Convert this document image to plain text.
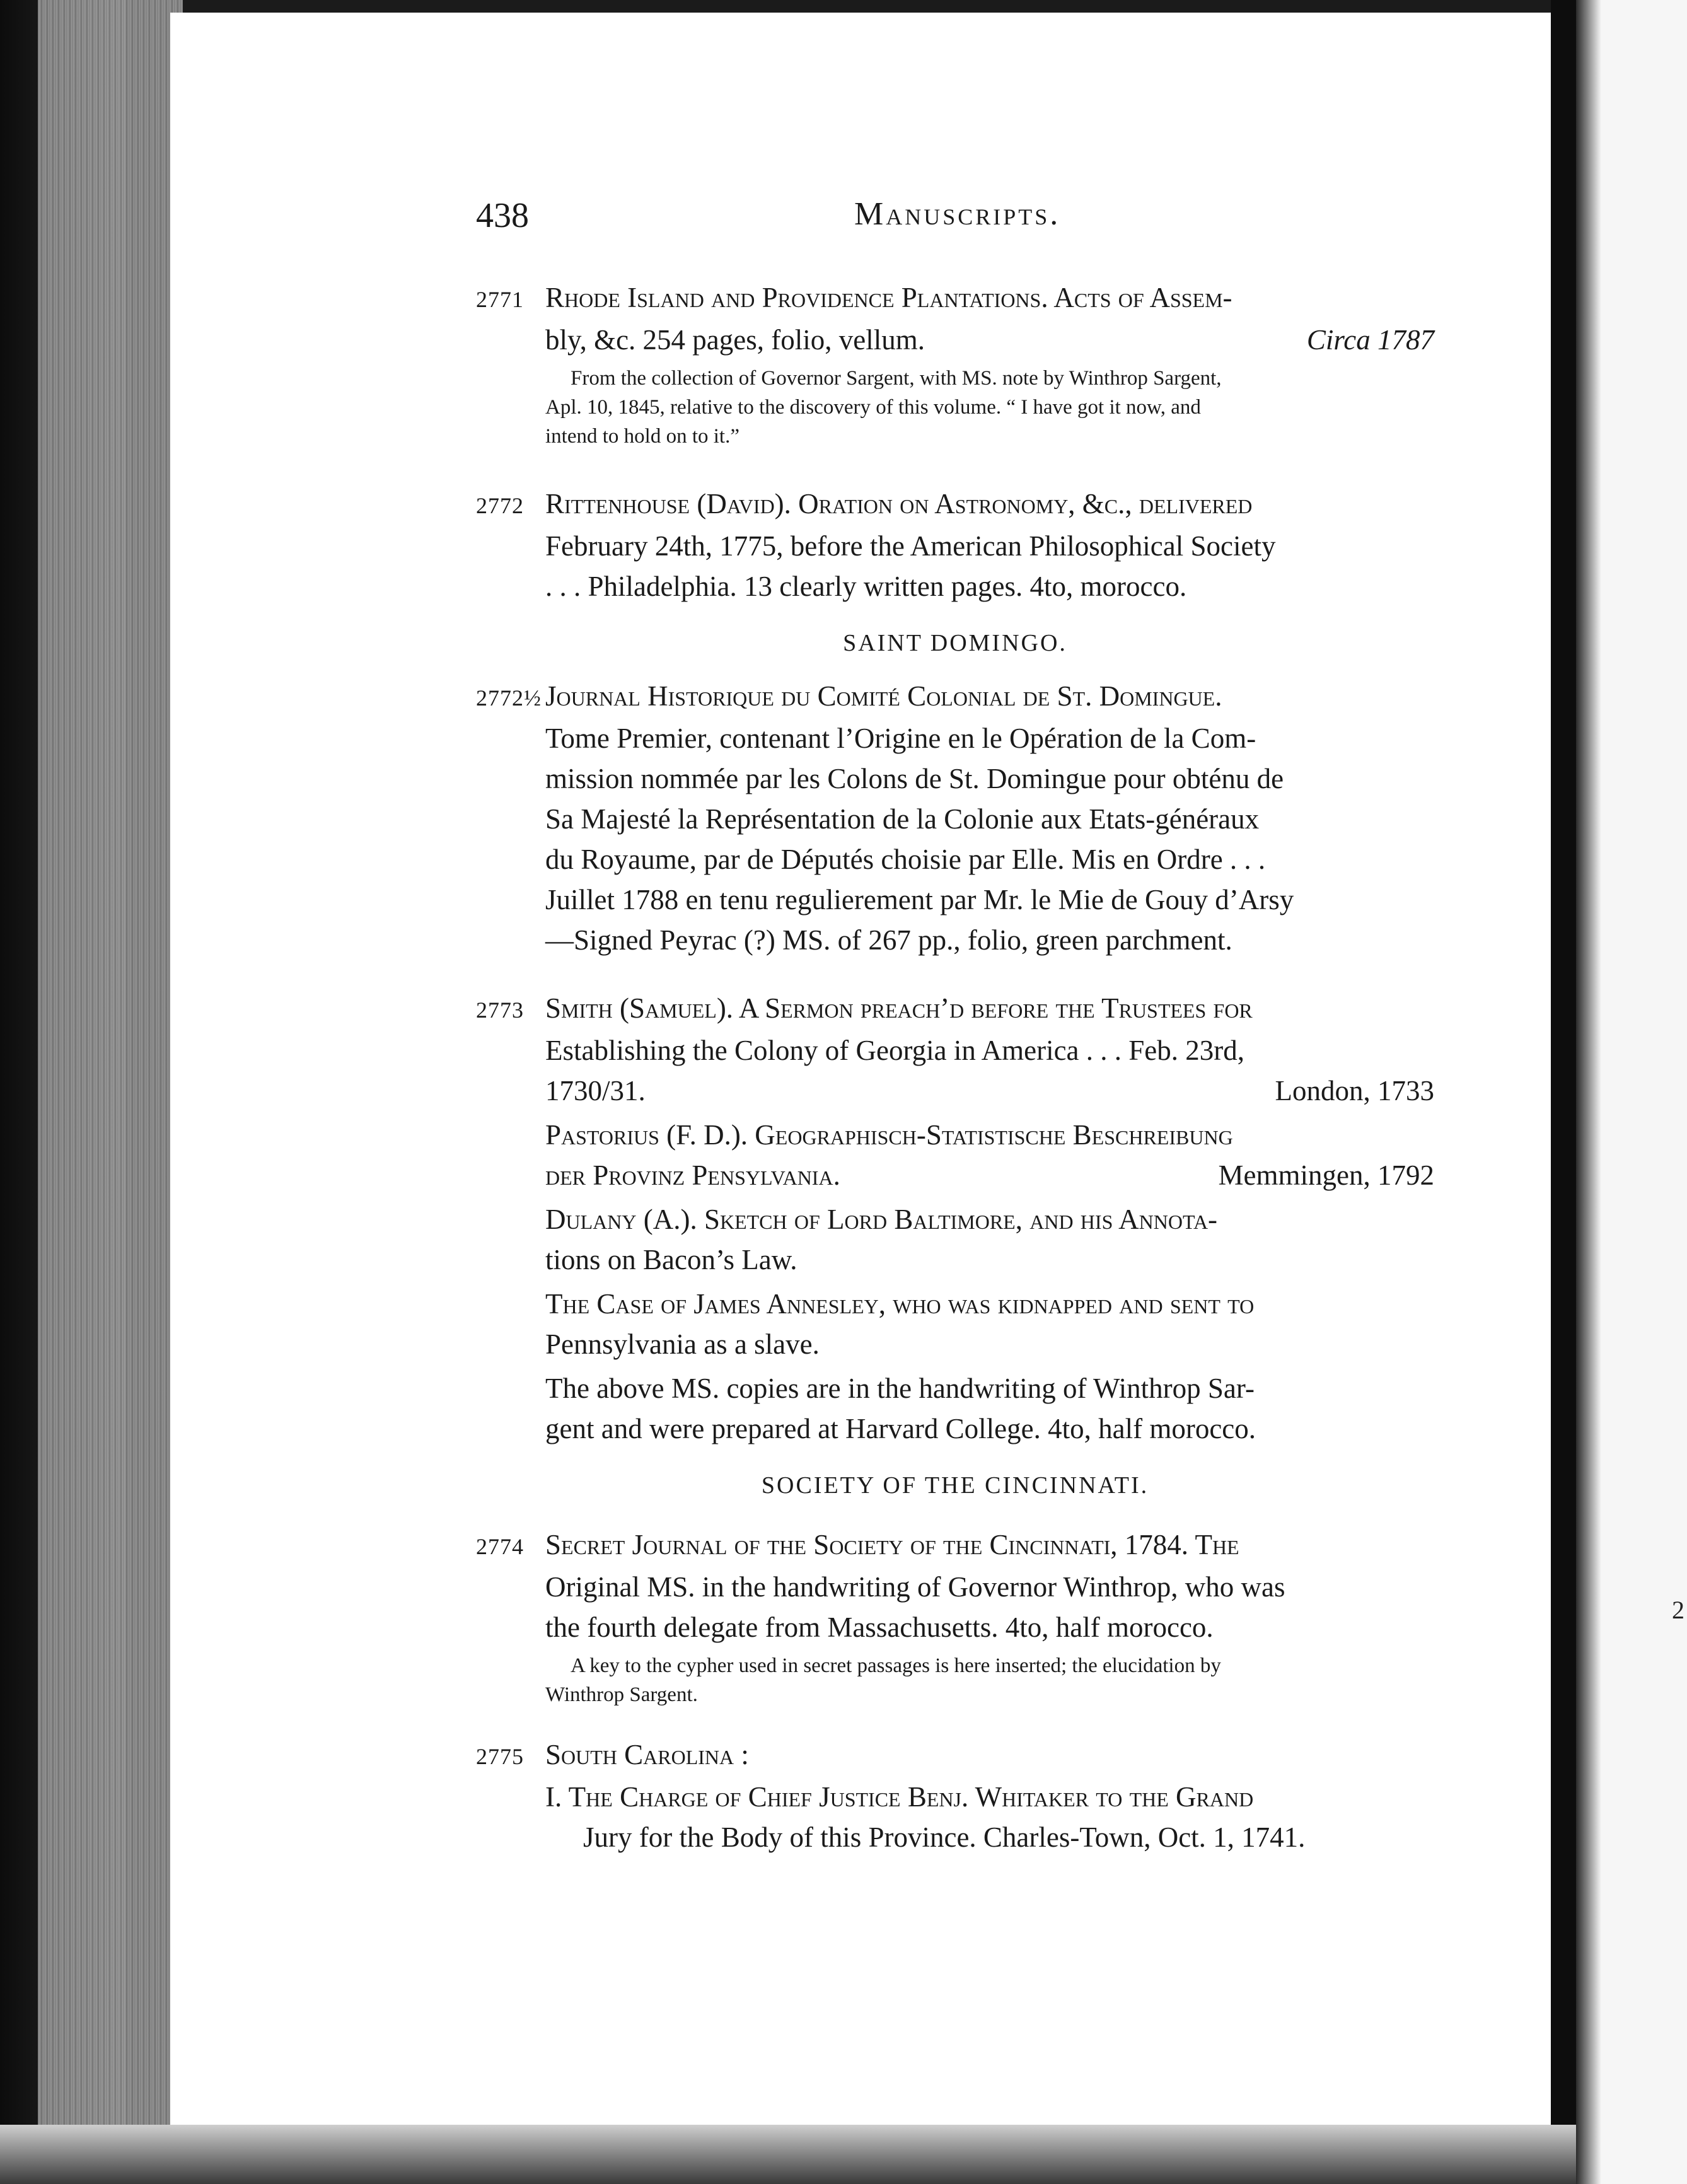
2
438	Manuscripts.

2771 Rhode Island and Providence Plantations. Acts of Assem-

bly, &c. 254 pages, folio, vellum.	Circa 1787

From the collection of Governor Sargent, with MS. note by Winthrop Sargent,

Apl. 10, 1845, relative to the discovery of this volume. “ I have got it now, and

intend to hold on to it.”

2772 Rittenhouse (David). Oration on Astronomy, &c., delivered

February 24th, 1775, before the American Philosophical Society

. . . Philadelphia. 13 clearly written pages. 4to, morocco.

SAINT DOMINGO.

2772½ Journal Historique du Comité Colonial de St. Domingue.

Tome Premier, contenant l’Origine en le Opération de la Com-

mission nommée par les Colons de St. Domingue pour obténu de

Sa Majesté la Représentation de la Colonie aux Etats-généraux

du Royaume, par de Députés choisie par Elle. Mis en Ordre . . .

Juillet 1788 en tenu regulierement par Mr. le Mie de Gouy d’Arsy

—Signed Peyrac (?) MS. of 267 pp., folio, green parchment.

2773 Smith (Samuel). A Sermon preach’d before the Trustees for

Establishing the Colony of Georgia in America . . . Feb. 23rd,

1730/31.	London, 1733

Pastorius (F. D.). Geographisch-Statistische Beschreibung

der Provinz Pensylvania.	Memmingen, 1792

Dulany (A.). Sketch of Lord Baltimore, and his Annota-

tions on Bacon’s Law.

The Case of James Annesley, who was kidnapped and sent to

Pennsylvania as a slave.

The above MS. copies are in the handwriting of Winthrop Sar-

gent and were prepared at Harvard College. 4to, half morocco.

SOCIETY OF THE CINCINNATI.

2774 Secret Journal of the Society of the Cincinnati, 1784. The

Original MS. in the handwriting of Governor Winthrop, who was

the fourth delegate from Massachusetts. 4to, half morocco.

A key to the cypher used in secret passages is here inserted; the elucidation by

Winthrop Sargent.

2775 South Carolina :

I. The Charge of Chief Justice Benj. Whitaker to the Grand

Jury for the Body of this Province. Charles-Town, Oct. 1, 1741.
